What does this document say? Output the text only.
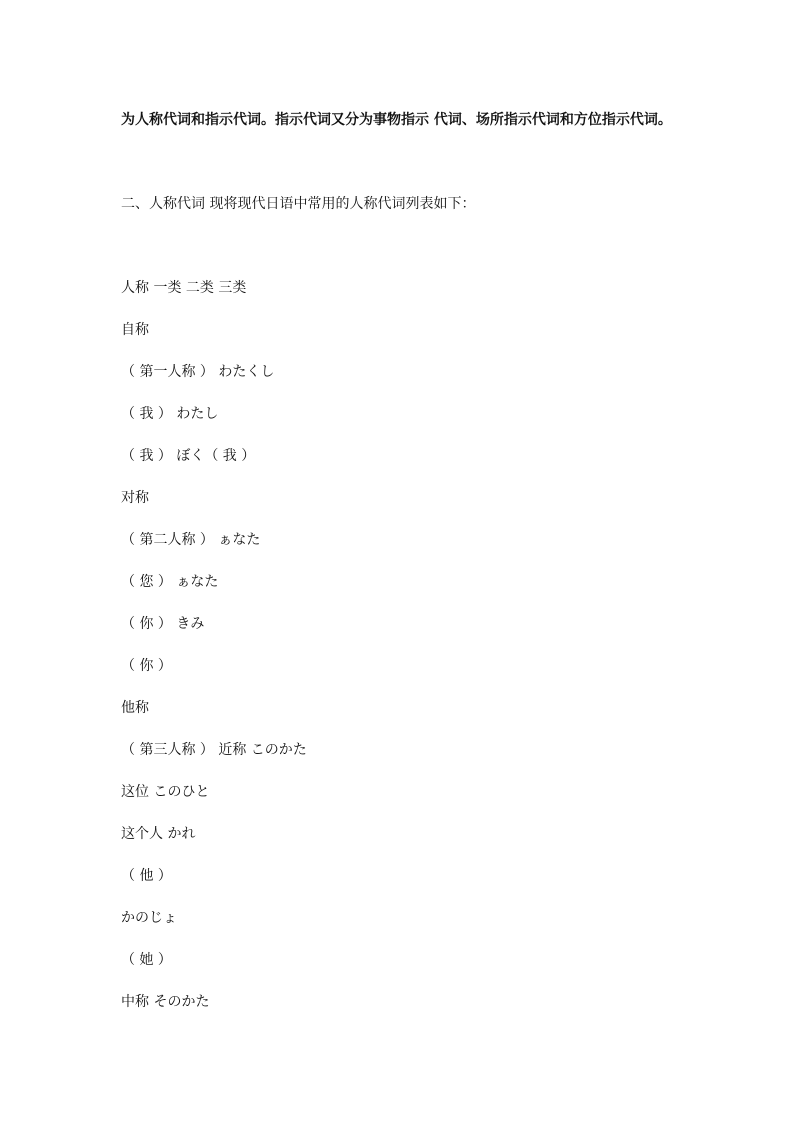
为人称代词和指示代词。指示代词又分为事物指示 代词、场所指示代词和方位指示代词。
二、人称代词 现将现代日语中常用的人称代词列表如下：
人称 一类 二类 三类
自称
（ 第一人称 ） わたくし
（ 我 ） わたし
（ 我 ） ぼく（ 我 ）
对称
（ 第二人称 ） ぁなた
（ 您 ） ぁなた
（ 你 ） きみ
（ 你 ）
他称
（ 第三人称 ） 近称 このかた
这位 このひと
这个人 かれ
（ 他 ）
かのじょ
（ 她 ）
中称 そのかた
